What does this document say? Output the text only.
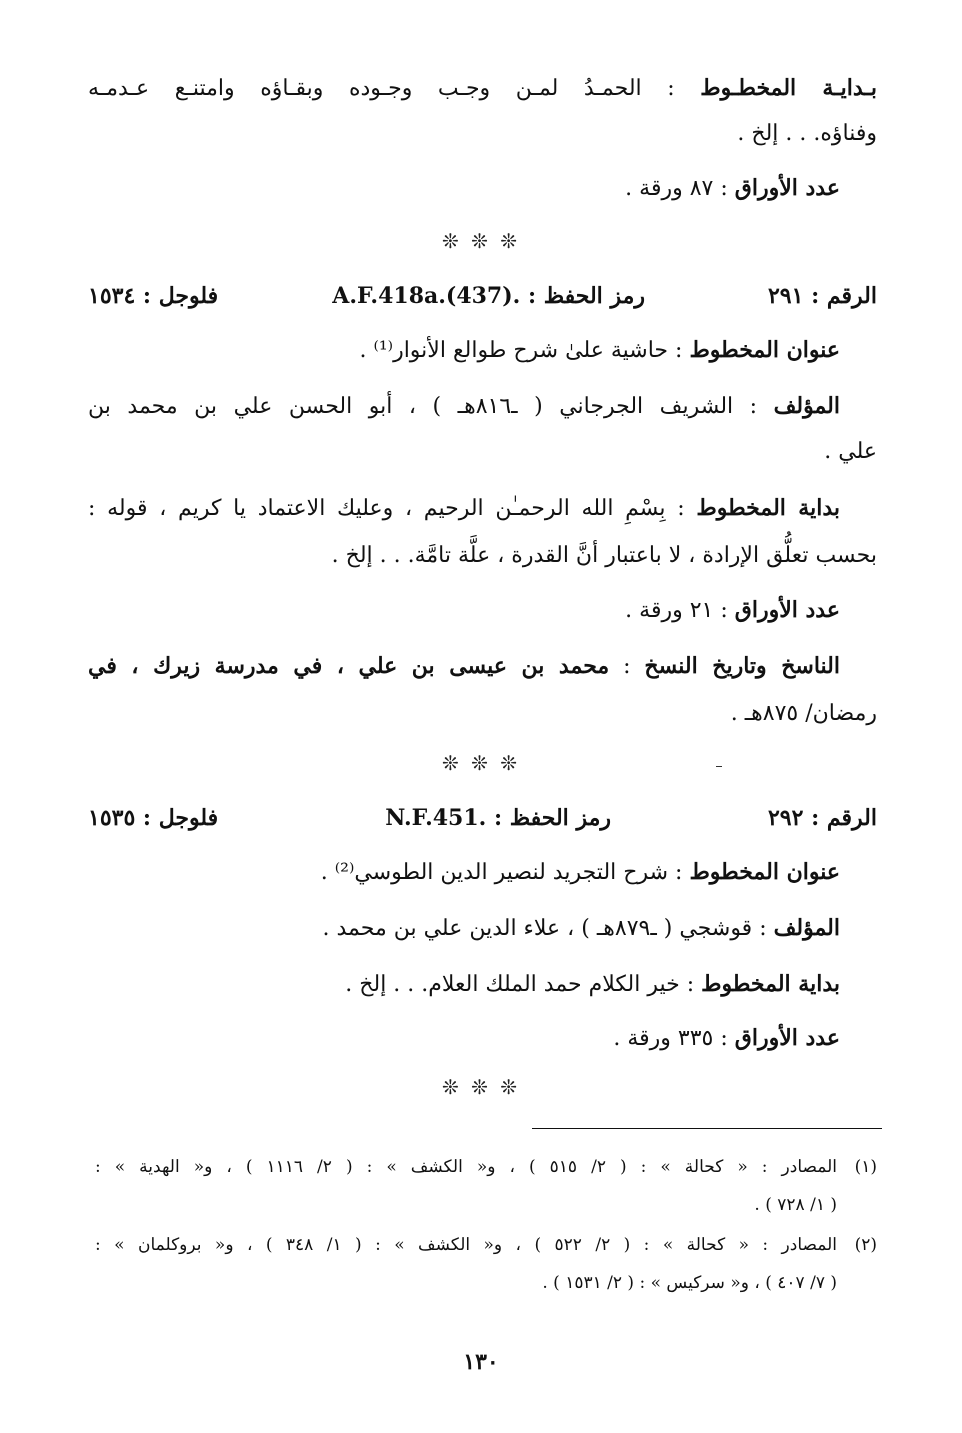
بـدايـة المخطـوط : الحمـدُ لمـن وجـب وجـوده وبقـاؤه وامتنـع عـدمـه
وفناؤه. . . إلخ .
عدد الأوراق : ٨٧ ورقة .
❊ ❊ ❊
الرقم : ٢٩١
رمز الحفظ : .A.F.418a.(437)
فلوجل : ١٥٣٤
عنوان المخطوط : حاشية علىٰ شرح طوالع الأنوار⁽¹⁾ .
المؤلف : الشريف الجرجاني ( ـ٨١٦هـ ) ، أبو الحسن علي بن محمد بن
علي .
بداية المخطوط : بِسْمِ الله الرحمـٰن الرحيم ، وعليك الاعتماد يا كريم ، قوله :
بحسب تعلُّق الإرادة ، لا باعتبار أنَّ القدرة ، علَّة تامَّة. . . إلخ .
عدد الأوراق : ٢١ ورقة .
الناسخ وتاريخ النسخ : محمد بن عيسى بن علي ، في مدرسة زيرك ، في
رمضان/ ٨٧٥هـ .
❊ ❊ ❊
الرقم : ٢٩٢
رمز الحفظ : .N.F.451
فلوجل : ١٥٣٥
عنوان المخطوط : شرح التجريد لنصير الدين الطوسي⁽²⁾ .
المؤلف : قوشجي ( ـ٨٧٩هـ ) ، علاء الدين علي بن محمد .
بداية المخطوط : خير الكلام حمد الملك العلام. . . إلخ .
عدد الأوراق : ٣٣٥ ورقة .
❊ ❊ ❊
(١)المصادر : « كحالة » : ( ٢/ ٥١٥ ) ، و« الكشف » : ( ٢/ ١١١٦ ) ، و« الهدية » :
( ١/ ٧٢٨ ) .
(٢)المصادر : « كحالة » : ( ٢/ ٥٢٢ ) ، و« الكشف » : ( ١/ ٣٤٨ ) ، و« بروكلمان » :
( ٧/ ٤٠٧ ) ، و« سركيس » : ( ٢/ ١٥٣١ ) .
١٣٠
